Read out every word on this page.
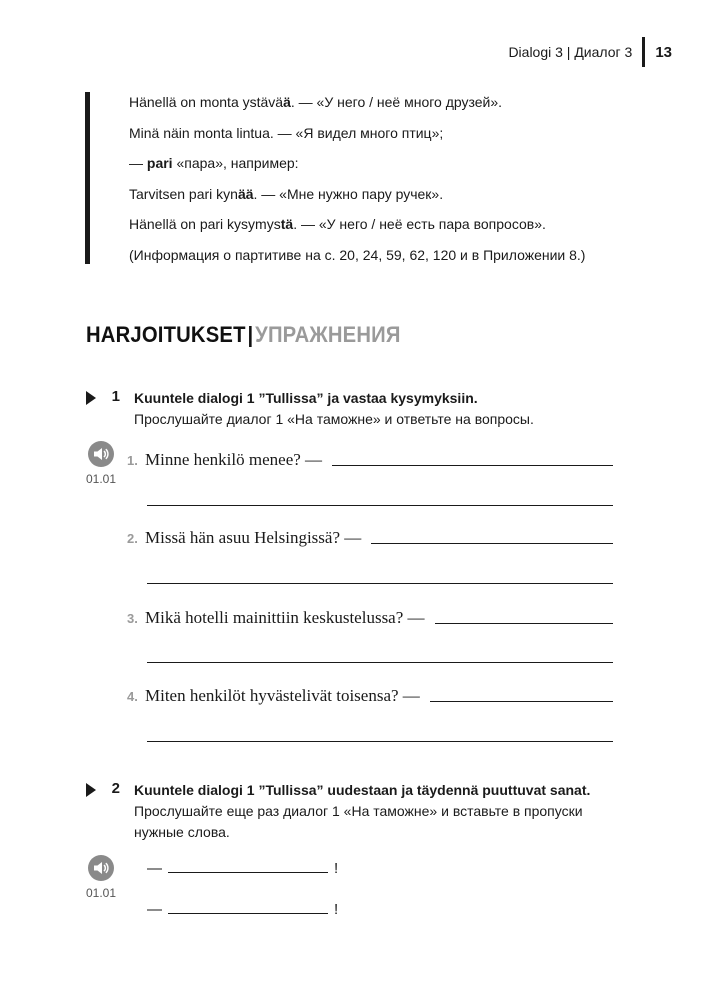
Dialogi 3 | Диалог 3	13
Hänellä on monta ystävää. — «У него / неё много друзей».
Minä näin monta lintua. — «Я видел много птиц»;
— pari «пара», например:
Tarvitsen pari kynää. — «Мне нужно пару ручек».
Hänellä on pari kysymystä. — «У него / неё есть пара вопросов».
(Информация о партитиве на с. 20, 24, 59, 62, 120 и в Приложении 8.)
HARJOITUKSET|УПРАЖНЕНИЯ
1 Kuuntele dialogi 1 ”Tullissa” ja vastaa kysymyksiin.
Прослушайте диалог 1 «На таможне» и ответьте на вопросы.
01.01
1. Minne henkilö menee? —
2. Missä hän asuu Helsingissä? —
3. Mikä hotelli mainittiin keskustelussa? —
4. Miten henkilöt hyvästelivät toisensa? —
2 Kuuntele dialogi 1 ”Tullissa” uudestaan ja täydennä puuttuvat sanat.
Прослушайте еще раз диалог 1 «На таможне» и вставьте в пропуски
нужные слова.
01.01
—	!
—	!
